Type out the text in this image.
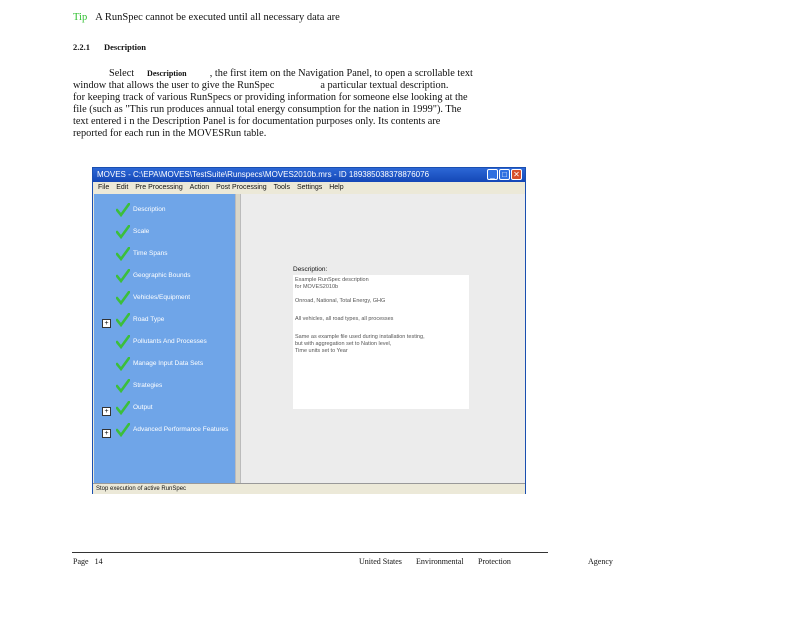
Tip A RunSpec cannot be executed until all necessary data are
2.2.1 Description

Select Description , the first item on the Navigation Panel, to open a scrollable text

window that allows the user to give the RunSpec	a particular textual description.

for keeping track of various RunSpecs or providing information for someone else looking at the

file (such as "This run produces annual total energy consumption for the nation in 1999"). The

text entered i n the Description Panel is for documentation purposes only. Its contents are

reported for each run in the MOVESRun table.

MOVES - C:\EPA\MOVES\TestSuite\Runspecs\MOVES2010b.mrs - ID 189385038378876076	_ □ ✕
File Edit Pre Processing Action Post Processing Tools Settings Help
+
+
+
Description
Scale
Time Spans
Geographic Bounds
Vehicles/Equipment
Road Type
Pollutants And Processes
Manage Input Data Sets
Strategies
Output
Advanced Performance Features
Description:
Example RunSpec description
for MOVES2010b
Onroad, National, Total Energy, GHG
All vehicles, all road types, all processes
Same as example file used during installation testing,
but with aggregation set to Nation level,
Time units set to Year
Stop execution of active RunSpec
Page 14	United States Environmental Protection	Agency
